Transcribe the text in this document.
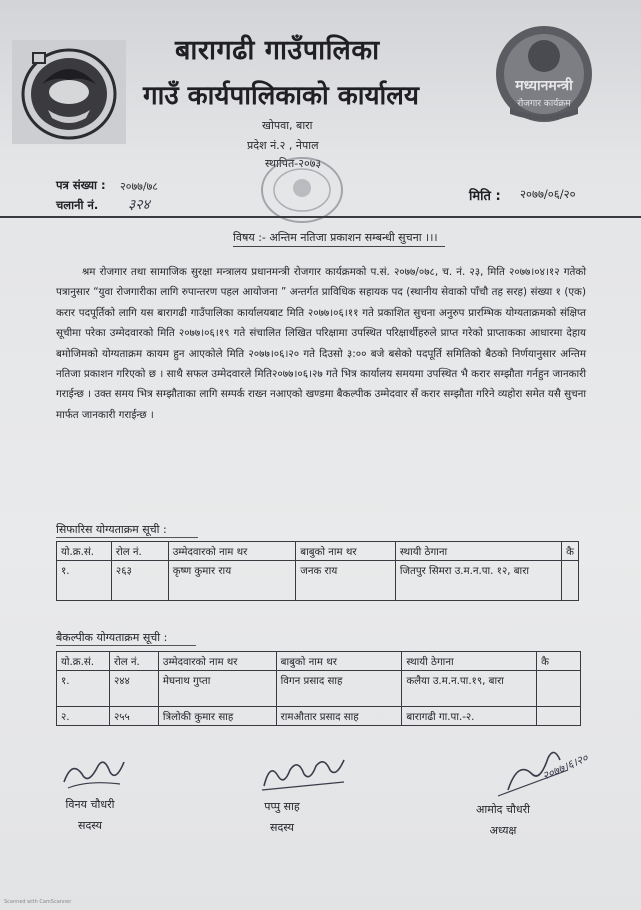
बारागढी गाउँपालिका
गाउँ कार्यपालिकाको कार्यालय	मध्यानमन्त्री
रोजगार कार्यक्रम
खोपवा, बारा
प्रदेश नं.२ , नेपाल
स्थापित-२०७३
पत्र संख्या : २०७७/७८
चलानी नं. ३२४
मिति : २०७७/०६/२०
विषय :- अन्तिम नतिजा प्रकाशन सम्बन्धी सुचना ।।।
श्रम रोजगार तथा सामाजिक सुरक्षा मन्त्रालय प्रधानमन्त्री रोजगार कार्यक्रमको प.सं. २०७७/०७८, च. नं. २३, मिति २०७७।०४।१२ गतेको पत्रानुसार “युवा रोजगारीका लागि रुपान्तरण पहल आयोजना ” अन्तर्गत प्राविधिक सहायक पद (स्थानीय सेवाको पाँचौ तह सरह) संख्या १ (एक) करार पदपूर्तिको लागि यस बारागढी गाउँपालिका कार्यालयबाट मिति २०७७।०६।११ गते प्रकाशित सुचना अनुरुप प्रारम्भिक योग्यताक्रमको संक्षिप्त सूचीमा परेका उम्मेदवारको मिति २०७७।०६।१९ गते संचालित लिखित परिक्षामा उपस्थित परिक्षार्थीहरुले प्राप्त गरेको प्राप्ताकका आधारमा देहाय बमोजिमको योग्यताक्रम कायम हुन आएकोले मिति २०७७।०६।२० गते दिउसो ३:०० बजे बसेको पदपूर्ति समितिको बैठको निर्णयानुसार अन्तिम नतिजा प्रकाशन गरिएको छ । साथै सफल उम्मेदवारले मिति२०७७।०६।२७ गते भित्र कार्यालय समयमा उपस्थित भै करार सम्झौता गर्नहुन जानकारी गराईन्छ । उक्त समय भित्र सम्झौताका लागि सम्पर्क राख्न नआएको खण्डमा बैकल्पीक उम्मेदवार सँ करार सम्झौता गरिने व्यहोरा समेत यसै सुचना मार्फत जानकारी गराईन्छ ।
सिफारिस योग्यताक्रम सूची :
यो.क्र.सं.	रोल नं.	उम्मेदवारको नाम थर	बाबुको नाम थर	स्थायी ठेगाना	कै
१.	२६३	कृष्ण कुमार राय	जनक राय	जितपुर सिमरा उ.म.न.पा. १२, बारा	
बैकल्पीक योग्यताक्रम सूची :
यो.क्र.सं.	रोल नं.	उम्मेदवारको नाम थर	बाबुको नाम थर	स्थायी ठेगाना	कै
१.	२४४	मेघनाथ गुप्ता	विगन प्रसाद साह	कलैया उ.म.न.पा.१९, बारा	
२.	२५५	त्रिलोकी कुमार साह	रामऔतार प्रसाद साह	बारागढी गा.पा.-२.	
२०७७।६।२०
विनय चौधरी
सदस्य
पप्पु साह
सदस्य
आमोद चौधरी
अध्यक्ष
Scanned with CamScanner
